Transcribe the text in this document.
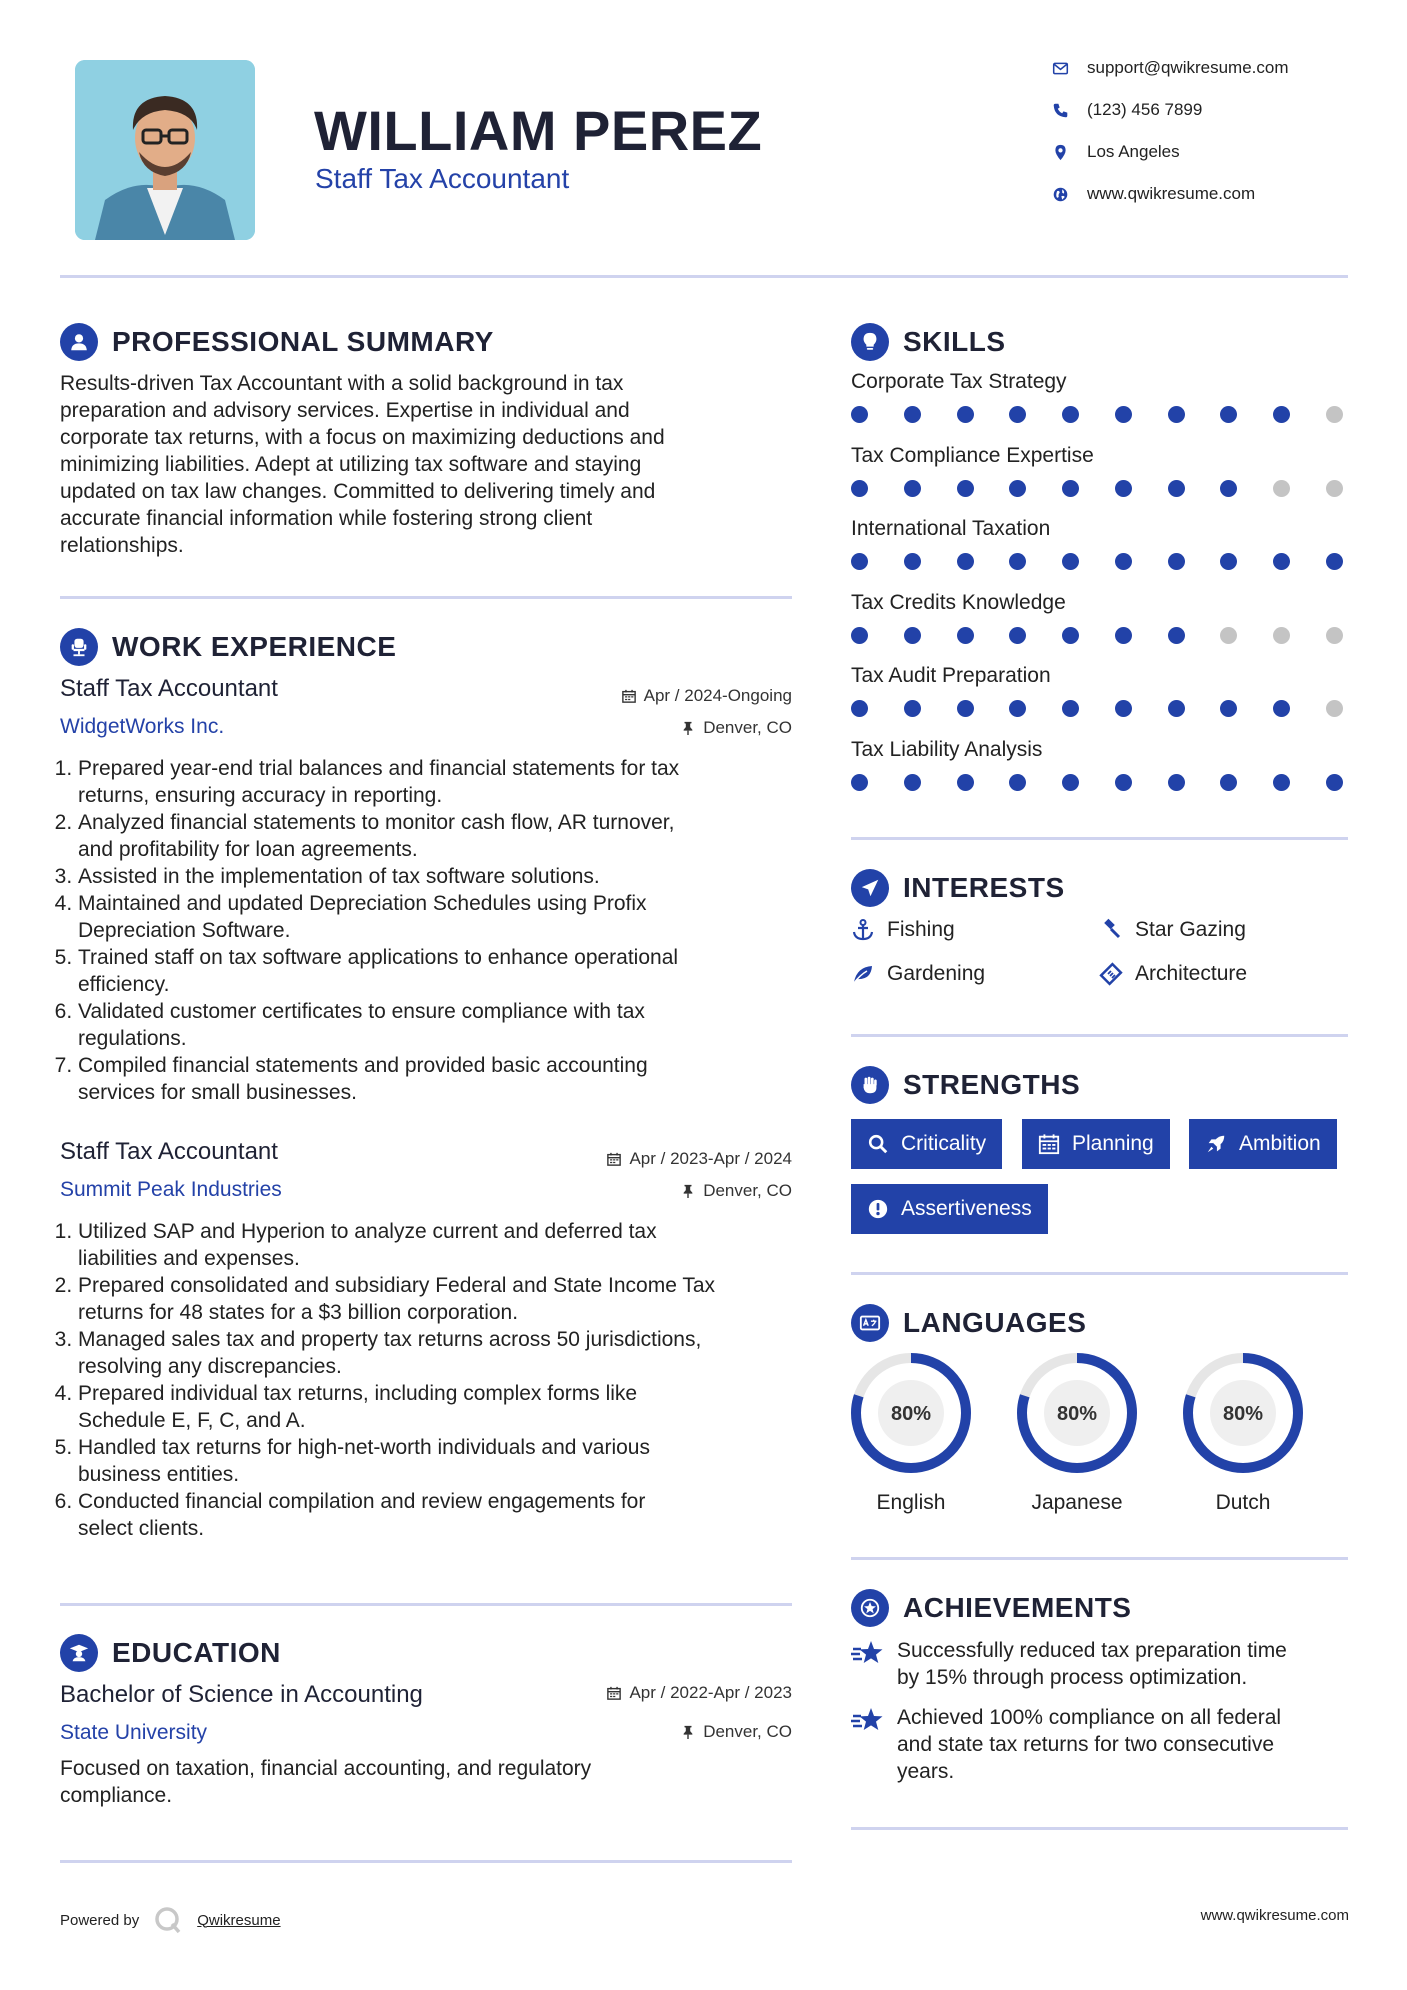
WILLIAM PEREZ
Staff Tax Accountant
support@qwikresume.com
(123) 456 7899
Los Angeles
www.qwikresume.com
PROFESSIONAL SUMMARY
Results-driven Tax Accountant with a solid background in tax
preparation and advisory services. Expertise in individual and
corporate tax returns, with a focus on maximizing deductions and
minimizing liabilities. Adept at utilizing tax software and staying
updated on tax law changes. Committed to delivering timely and
accurate financial information while fostering strong client
relationships.
WORK EXPERIENCE
Staff Tax Accountant	Apr / 2024-Ongoing
WidgetWorks Inc.	Denver, CO
1. Prepared year-end trial balances and financial statements for tax
returns, ensuring accuracy in reporting.
2. Analyzed financial statements to monitor cash flow, AR turnover,
and profitability for loan agreements.
3. Assisted in the implementation of tax software solutions.
4. Maintained and updated Depreciation Schedules using Profix
Depreciation Software.
5. Trained staff on tax software applications to enhance operational
efficiency.
6. Validated customer certificates to ensure compliance with tax
regulations.
7. Compiled financial statements and provided basic accounting
services for small businesses.
Staff Tax Accountant	Apr / 2023-Apr / 2024
Summit Peak Industries	Denver, CO
1. Utilized SAP and Hyperion to analyze current and deferred tax
liabilities and expenses.
2. Prepared consolidated and subsidiary Federal and State Income Tax
returns for 48 states for a $3 billion corporation.
3. Managed sales tax and property tax returns across 50 jurisdictions,
resolving any discrepancies.
4. Prepared individual tax returns, including complex forms like
Schedule E, F, C, and A.
5. Handled tax returns for high-net-worth individuals and various
business entities.
6. Conducted financial compilation and review engagements for
select clients.
EDUCATION
Bachelor of Science in Accounting	Apr / 2022-Apr / 2023
State University	Denver, CO
Focused on taxation, financial accounting, and regulatory
compliance.
SKILLS
Corporate Tax Strategy
Tax Compliance Expertise
International Taxation
Tax Credits Knowledge
Tax Audit Preparation
Tax Liability Analysis
INTERESTS
Fishing	Star Gazing
Gardening	Architecture
STRENGTHS
Criticality	Planning	Ambition
Assertiveness
LANGUAGES
80%
English
80%
Japanese
80%
Dutch
ACHIEVEMENTS
Successfully reduced tax preparation time
by 15% through process optimization.
Achieved 100% compliance on all federal
and state tax returns for two consecutive
years.
Powered by	Qwikresume	www.qwikresume.com
